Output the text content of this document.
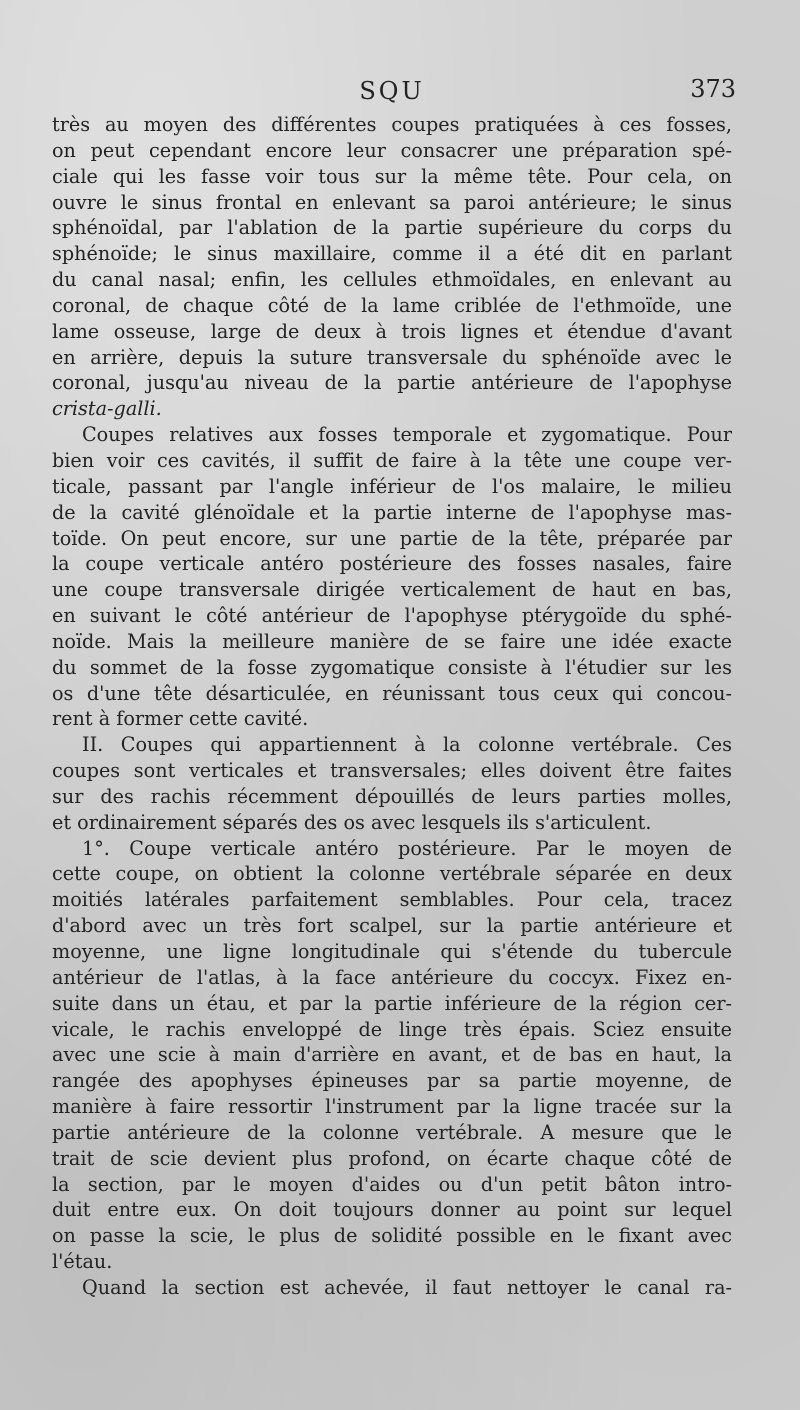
SQU	373
très au moyen des différentes coupes pratiquées à ces fosses,
on peut cependant encore leur consacrer une préparation spé-
ciale qui les fasse voir tous sur la même tête. Pour cela, on
ouvre le sinus frontal en enlevant sa paroi antérieure; le sinus
sphénoïdal, par l'ablation de la partie supérieure du corps du
sphénoïde; le sinus maxillaire, comme il a été dit en parlant
du canal nasal; enfin, les cellules ethmoïdales, en enlevant au
coronal, de chaque côté de la lame criblée de l'ethmoïde, une
lame osseuse, large de deux à trois lignes et étendue d'avant
en arrière, depuis la suture transversale du sphénoïde avec le
coronal, jusqu'au niveau de la partie antérieure de l'apophyse
crista-galli.
Coupes relatives aux fosses temporale et zygomatique. Pour
bien voir ces cavités, il suffit de faire à la tête une coupe ver-
ticale, passant par l'angle inférieur de l'os malaire, le milieu
de la cavité glénoïdale et la partie interne de l'apophyse mas-
toïde. On peut encore, sur une partie de la tête, préparée par
la coupe verticale antéro postérieure des fosses nasales, faire
une coupe transversale dirigée verticalement de haut en bas,
en suivant le côté antérieur de l'apophyse ptérygoïde du sphé-
noïde. Mais la meilleure manière de se faire une idée exacte
du sommet de la fosse zygomatique consiste à l'étudier sur les
os d'une tête désarticulée, en réunissant tous ceux qui concou-
rent à former cette cavité.
II. Coupes qui appartiennent à la colonne vertébrale. Ces
coupes sont verticales et transversales; elles doivent être faites
sur des rachis récemment dépouillés de leurs parties molles,
et ordinairement séparés des os avec lesquels ils s'articulent.
1°. Coupe verticale antéro postérieure. Par le moyen de
cette coupe, on obtient la colonne vertébrale séparée en deux
moitiés latérales parfaitement semblables. Pour cela, tracez
d'abord avec un très fort scalpel, sur la partie antérieure et
moyenne, une ligne longitudinale qui s'étende du tubercule
antérieur de l'atlas, à la face antérieure du coccyx. Fixez en-
suite dans un étau, et par la partie inférieure de la région cer-
vicale, le rachis enveloppé de linge très épais. Sciez ensuite
avec une scie à main d'arrière en avant, et de bas en haut, la
rangée des apophyses épineuses par sa partie moyenne, de
manière à faire ressortir l'instrument par la ligne tracée sur la
partie antérieure de la colonne vertébrale. A mesure que le
trait de scie devient plus profond, on écarte chaque côté de
la section, par le moyen d'aides ou d'un petit bâton intro-
duit entre eux. On doit toujours donner au point sur lequel
on passe la scie, le plus de solidité possible en le fixant avec
l'étau.
Quand la section est achevée, il faut nettoyer le canal ra-
